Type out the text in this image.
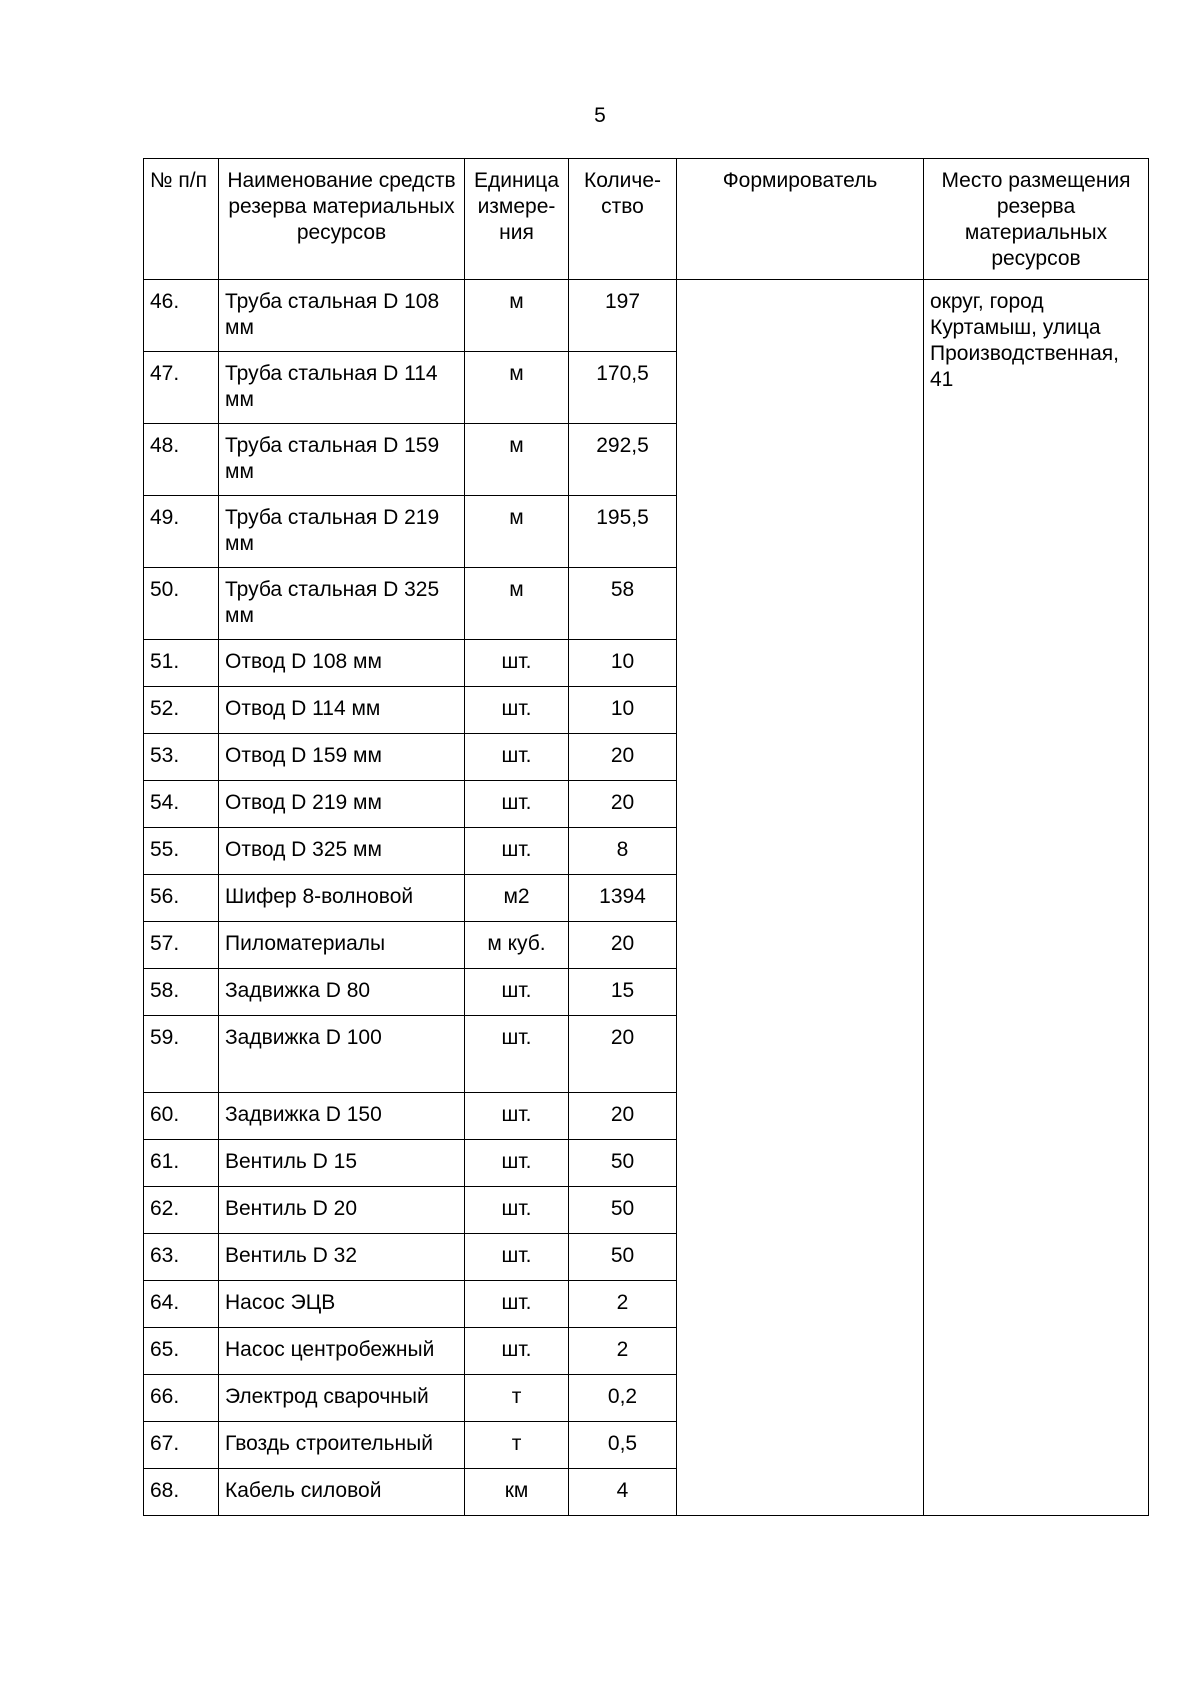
5
№ п/п	Наименование средств резерва материальных ресурсов	Единица измере-ния	Количе-ство	Формирователь	Место размещения резерва материальных ресурсов
46.	Труба стальная D 108 мм	м	197		округ, город Куртамыш, улица Производственная, 41
47.	Труба стальная D 114 мм	м	170,5		
48.	Труба стальная D 159 мм	м	292,5		
49.	Труба стальная D 219 мм	м	195,5		
50.	Труба стальная D 325 мм	м	58		
51.	Отвод D 108 мм	шт.	10		
52.	Отвод D 114 мм	шт.	10		
53.	Отвод D 159 мм	шт.	20		
54.	Отвод D 219 мм	шт.	20		
55.	Отвод D 325 мм	шт.	8		
56.	Шифер 8-волновой	м2	1394		
57.	Пиломатериалы	м куб.	20		
58.	Задвижка D 80	шт.	15		
59.	Задвижка D 100	шт.	20		
60.	Задвижка D 150	шт.	20		
61.	Вентиль D 15	шт.	50		
62.	Вентиль D 20	шт.	50		
63.	Вентиль D 32	шт.	50		
64.	Насос ЭЦВ	шт.	2		
65.	Насос центробежный	шт.	2		
66.	Электрод сварочный	т	0,2		
67.	Гвоздь строительный	т	0,5		
68.	Кабель силовой	км	4		
